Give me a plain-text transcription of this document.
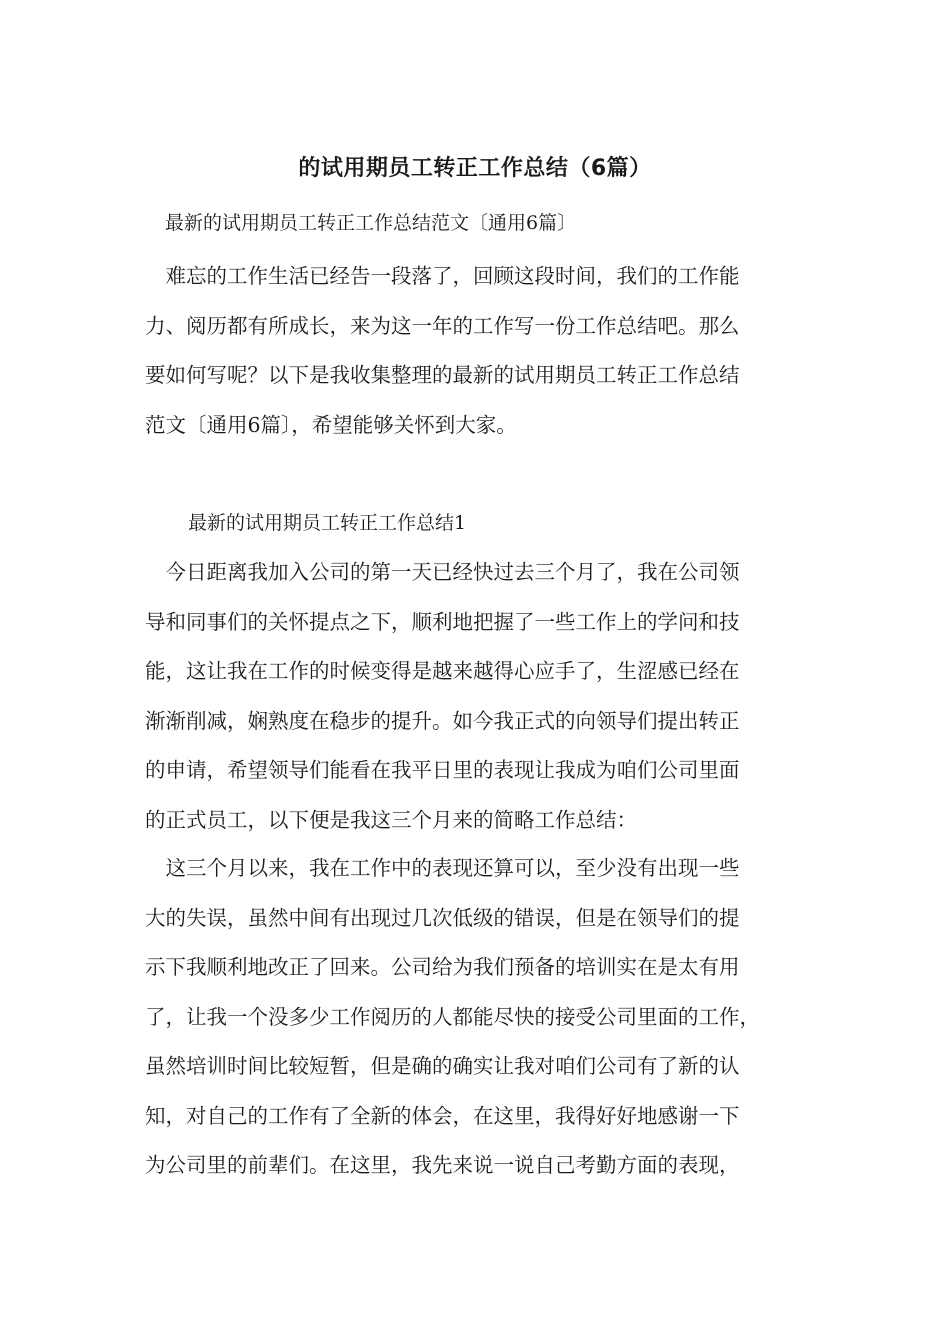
的试用期员工转正工作总结（6篇）
最新的试用期员工转正工作总结范文〔通用6篇〕
　难忘的工作生活已经告一段落了，回顾这段时间，我们的工作能
力、阅历都有所成长，来为这一年的工作写一份工作总结吧。那么
要如何写呢？以下是我收集整理的最新的试用期员工转正工作总结
范文〔通用6篇〕，希望能够关怀到大家。
最新的试用期员工转正工作总结1
　今日距离我加入公司的第一天已经快过去三个月了，我在公司领
导和同事们的关怀提点之下，顺利地把握了一些工作上的学问和技
能，这让我在工作的时候变得是越来越得心应手了，生涩感已经在
渐渐削减，娴熟度在稳步的提升。如今我正式的向领导们提出转正
的申请，希望领导们能看在我平日里的表现让我成为咱们公司里面
的正式员工，以下便是我这三个月来的简略工作总结：
　这三个月以来，我在工作中的表现还算可以，至少没有出现一些
大的失误，虽然中间有出现过几次低级的错误，但是在领导们的提
示下我顺利地改正了回来。公司给为我们预备的培训实在是太有用
了，让我一个没多少工作阅历的人都能尽快的接受公司里面的工作，
虽然培训时间比较短暂，但是确的确实让我对咱们公司有了新的认
知，对自己的工作有了全新的体会，在这里，我得好好地感谢一下
为公司里的前辈们。在这里，我先来说一说自己考勤方面的表现，
